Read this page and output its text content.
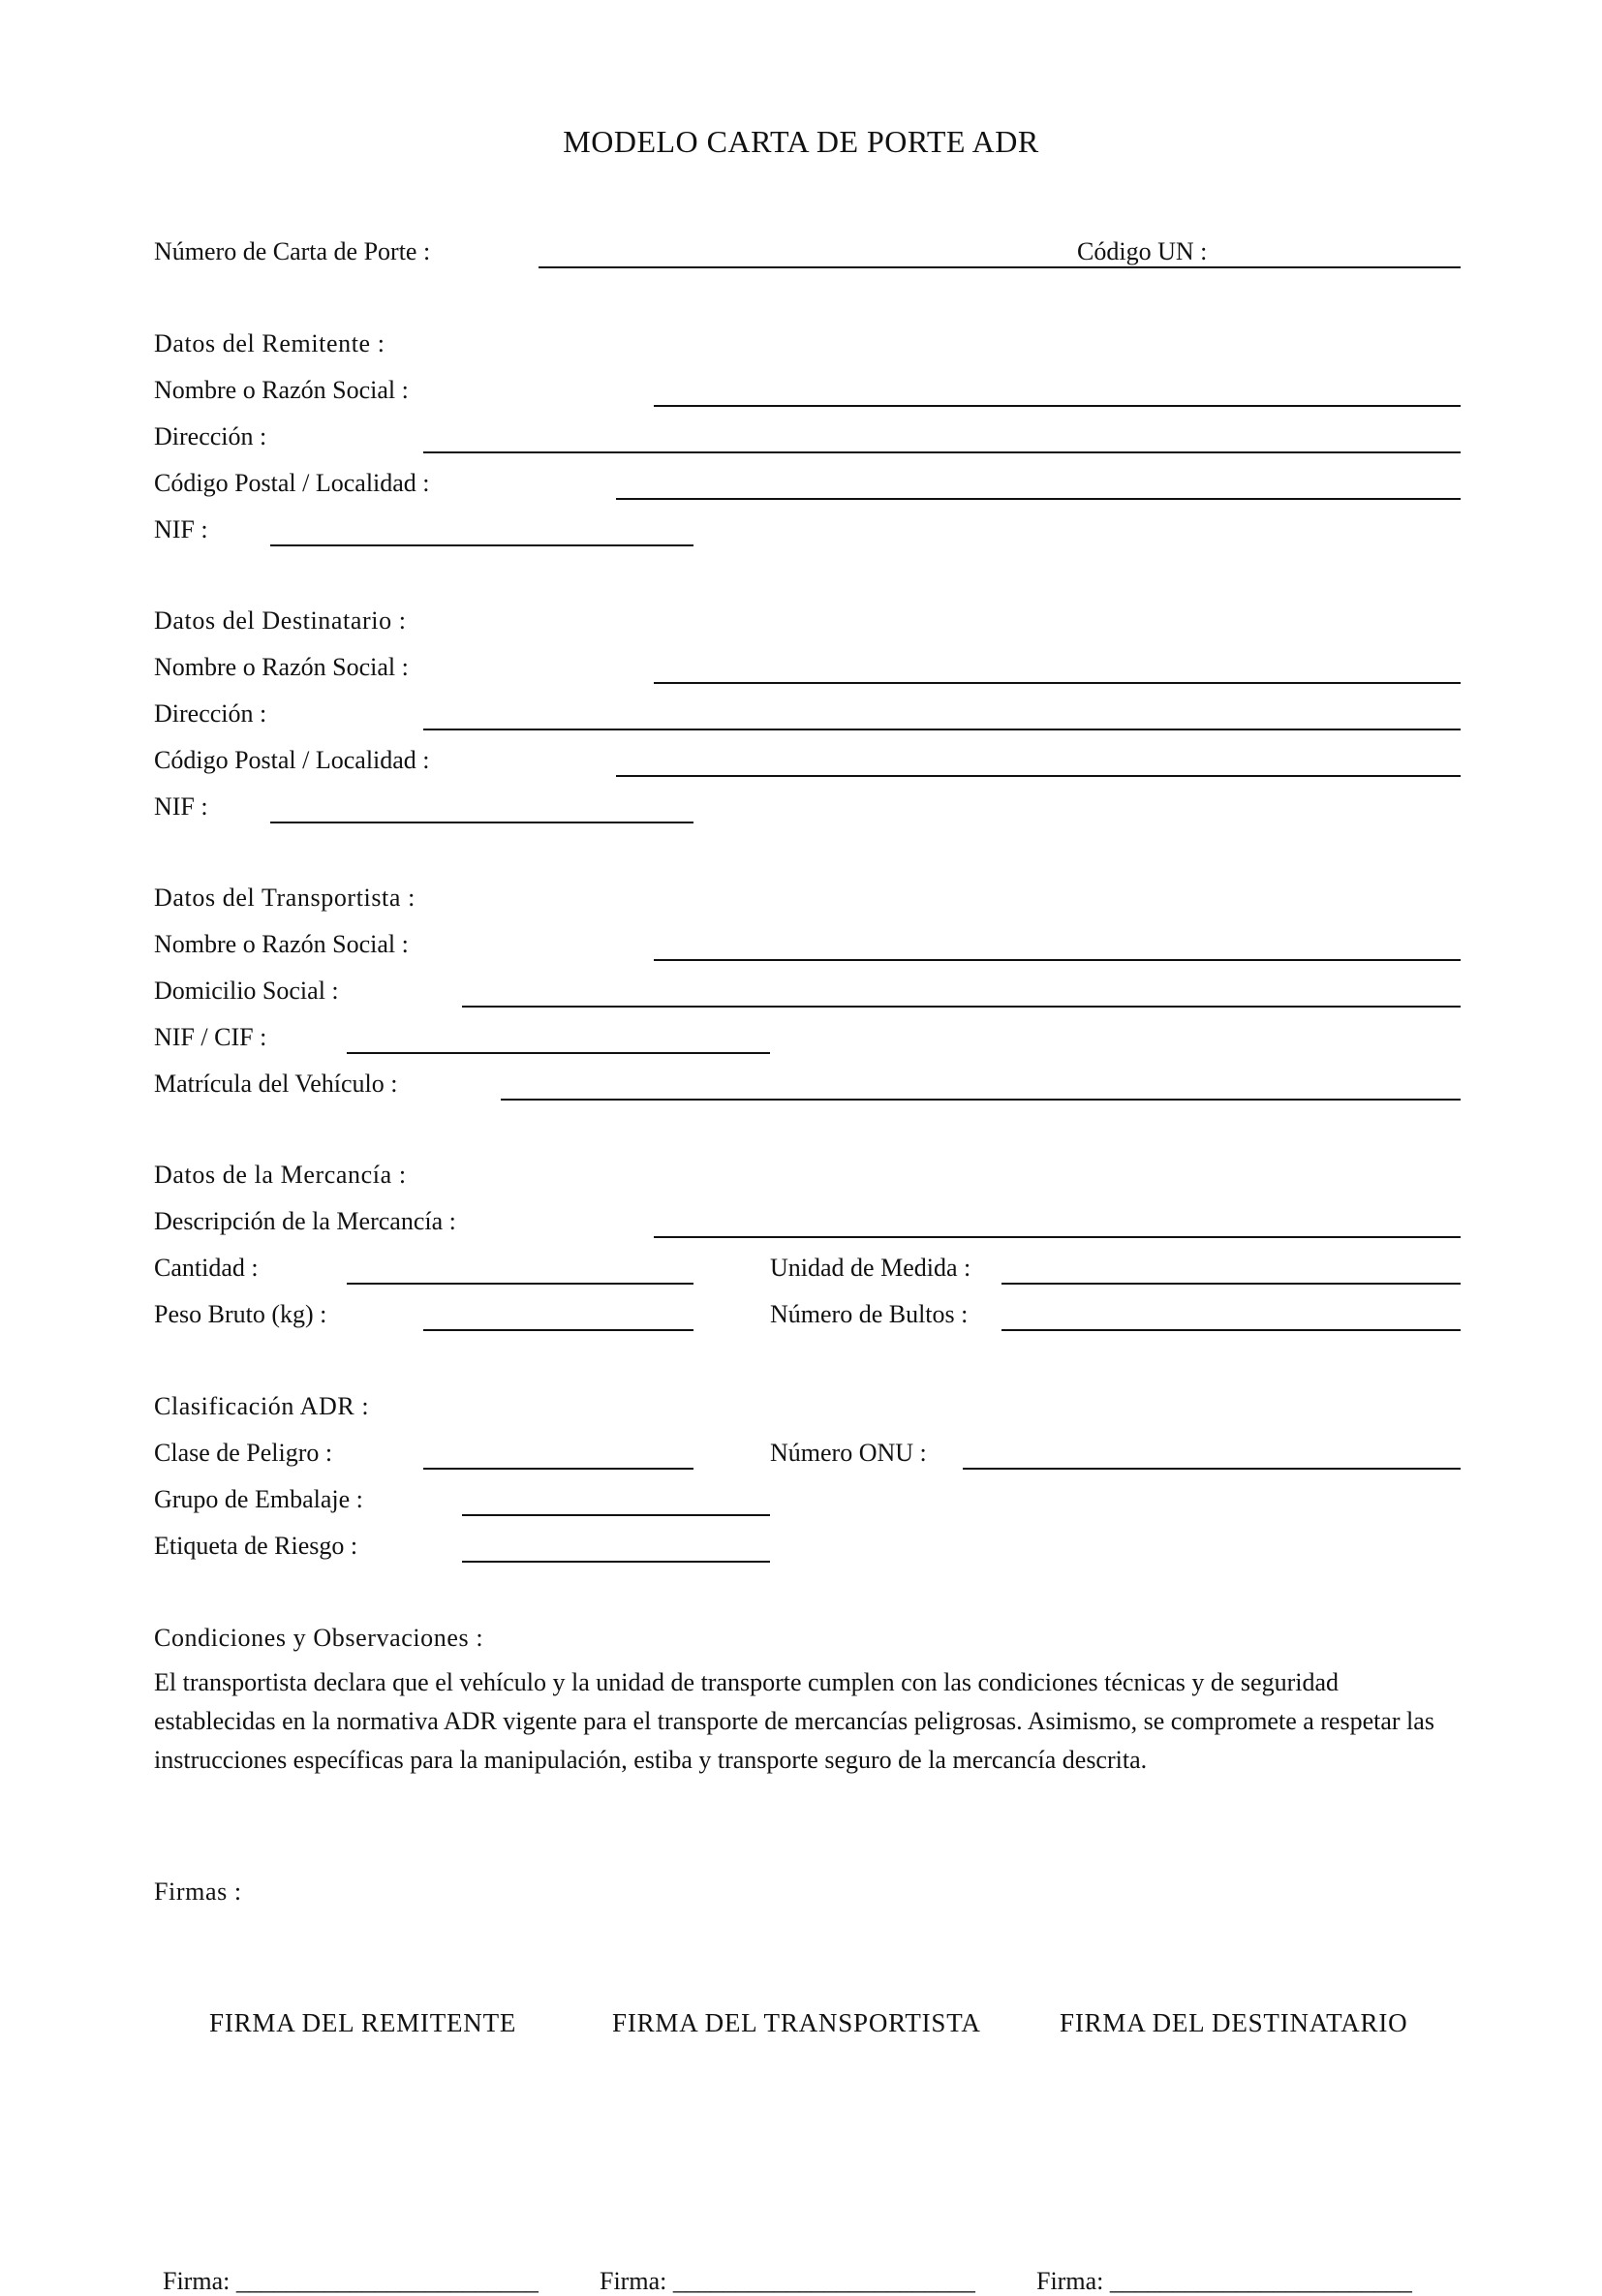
MODELO CARTA DE PORTE ADR
Número de Carta de Porte :	Código UN :
Datos del Remitente :
Nombre o Razón Social :
Dirección :
Código Postal / Localidad :
NIF :
Datos del Destinatario :
Nombre o Razón Social :
Dirección :
Código Postal / Localidad :
NIF :
Datos del Transportista :
Nombre o Razón Social :
Domicilio Social :
NIF / CIF :
Matrícula del Vehículo :
Datos de la Mercancía :
Descripción de la Mercancía :
Cantidad :	Unidad de Medida :
Peso Bruto (kg) :	Número de Bultos :
Clasificación ADR :
Clase de Peligro :	Número ONU :
Grupo de Embalaje :
Etiqueta de Riesgo :
Condiciones y Observaciones :
El transportista declara que el vehículo y la unidad de transporte cumplen con las condiciones técnicas y de seguridad establecidas en la normativa ADR vigente para el transporte de mercancías peligrosas. Asimismo, se compromete a respetar las instrucciones específicas para la manipulación, estiba y transporte seguro de la mercancía descrita.
Firmas :
FIRMA DEL REMITENTE	FIRMA DEL TRANSPORTISTA	FIRMA DEL DESTINATARIO
Firma: ________________________ Firma: ________________________ Firma: ________________________
